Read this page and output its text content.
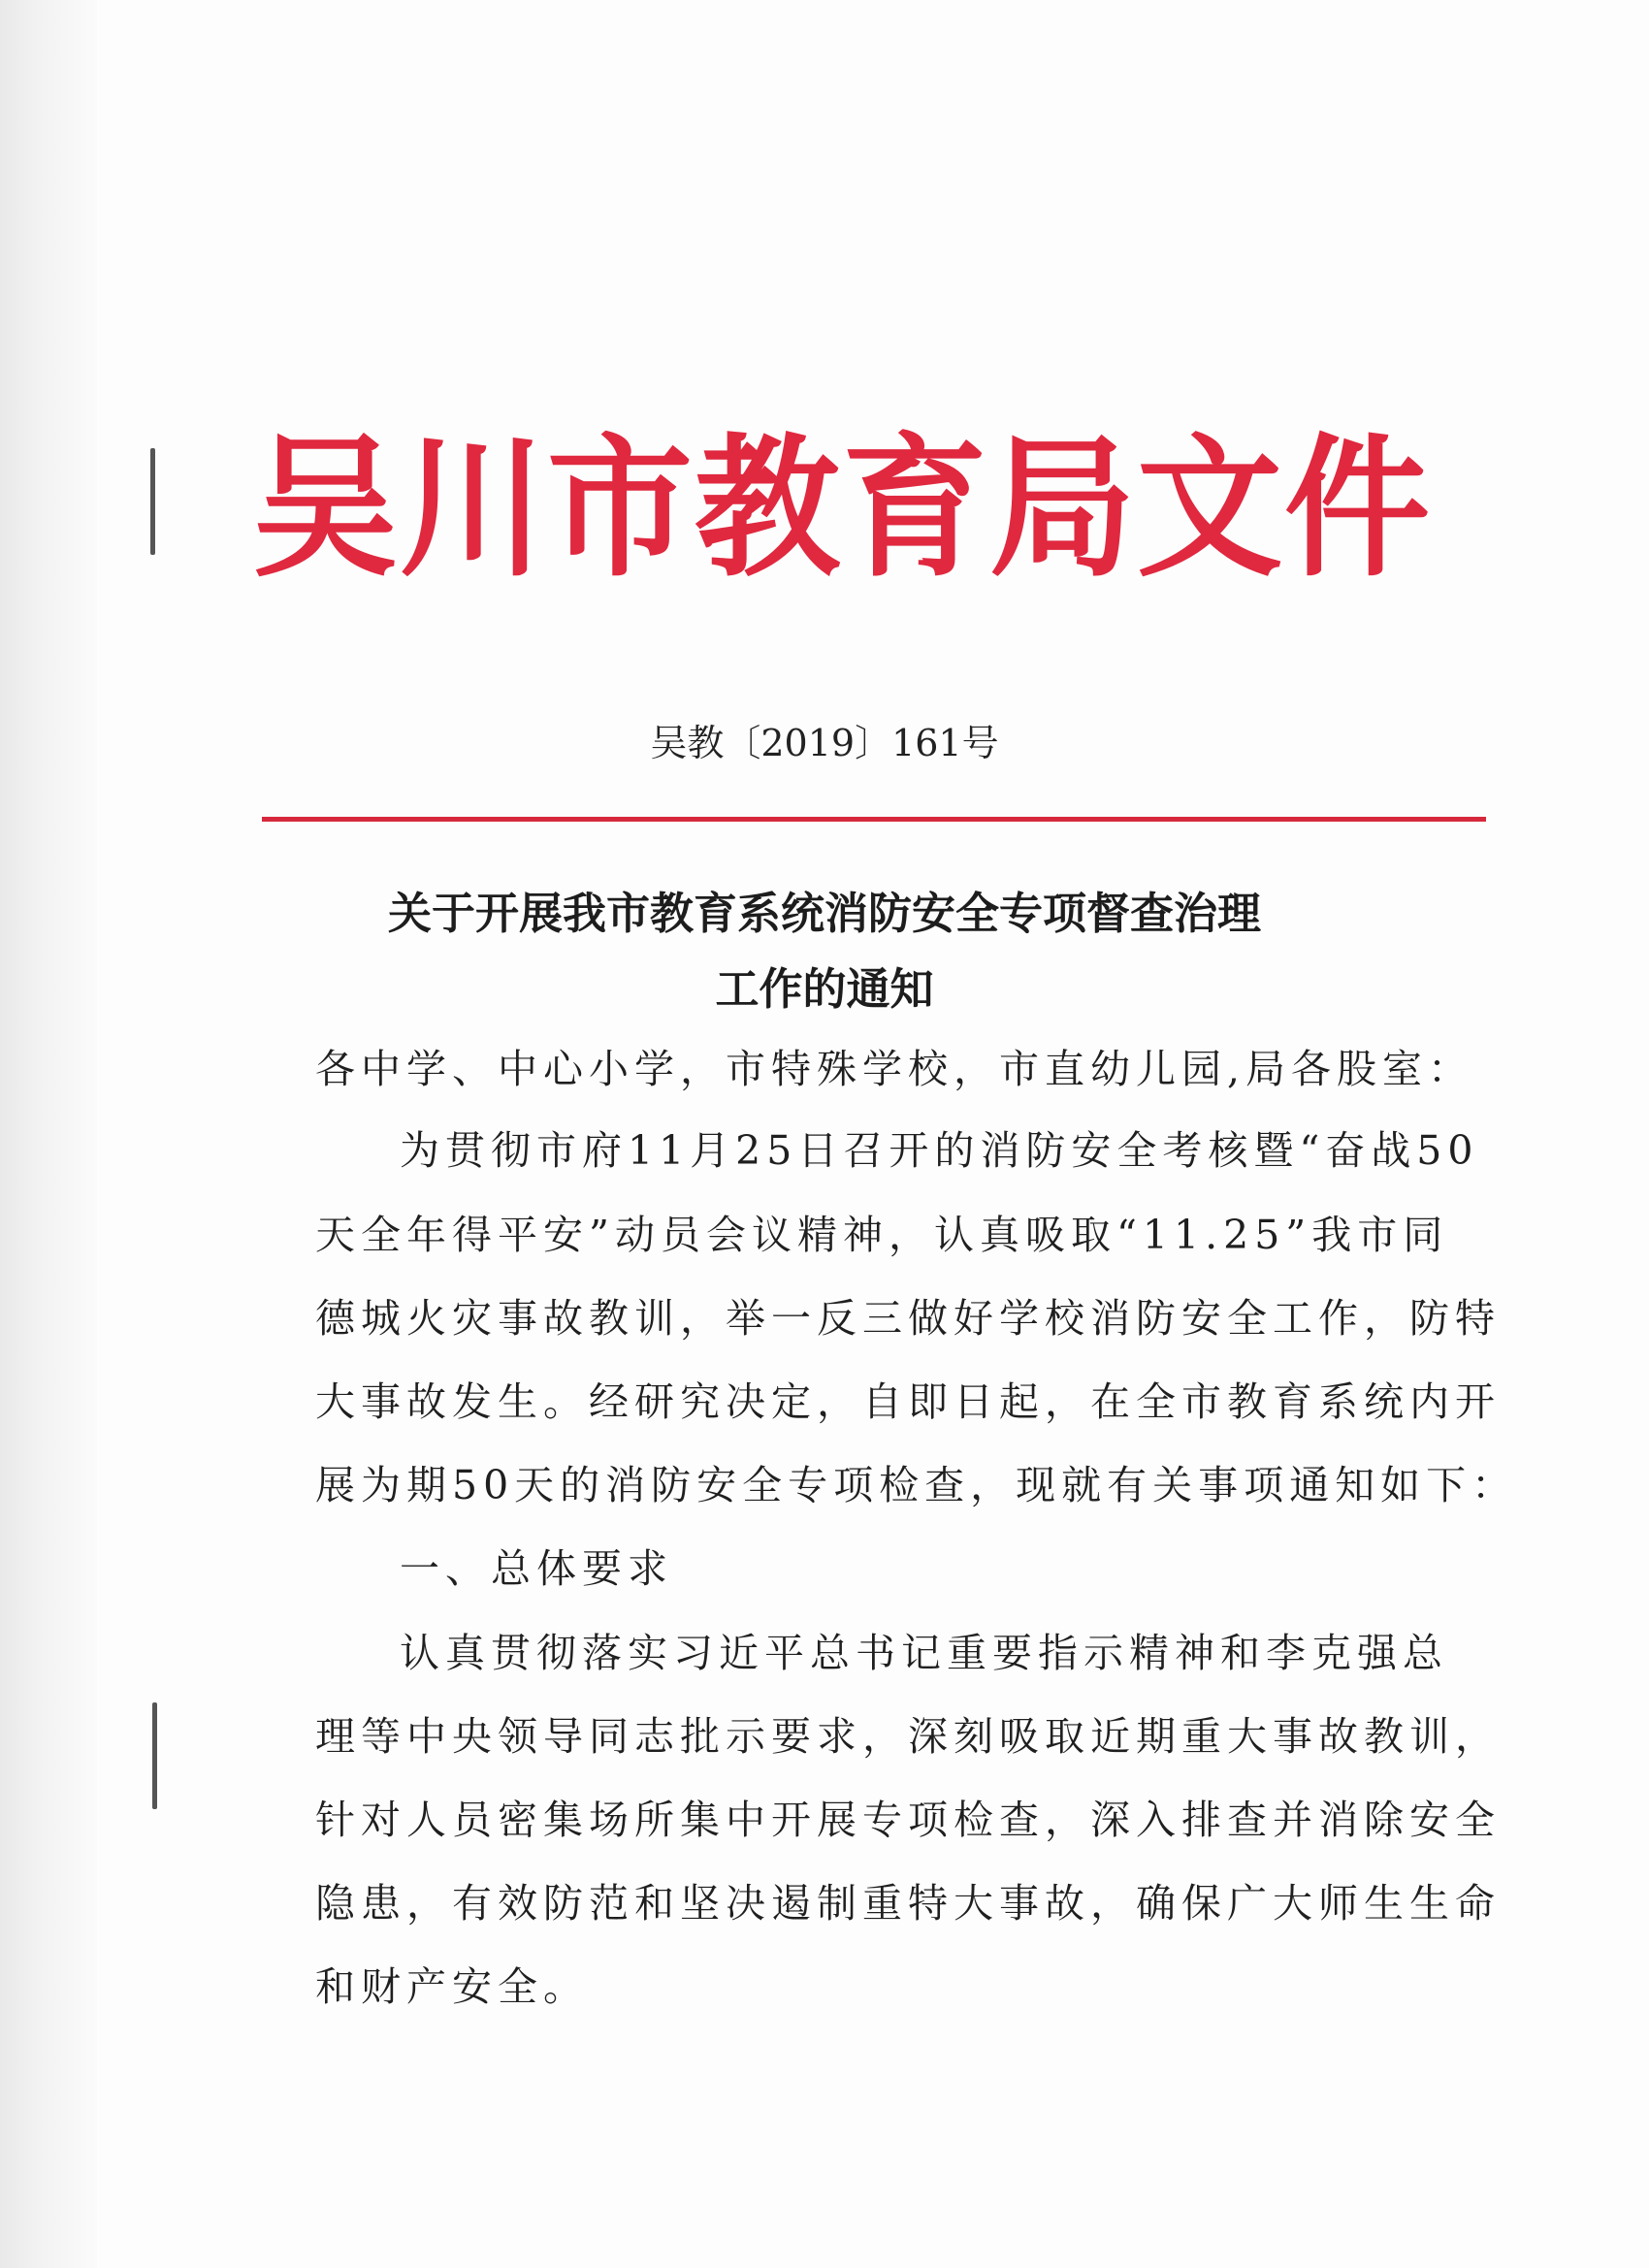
吴川市教育局文件
吴教〔2019〕161号
关于开展我市教育系统消防安全专项督查治理
工作的通知
各中学、中心小学，市特殊学校，市直幼儿园,局各股室：
为贯彻市府11月25日召开的消防安全考核暨“奋战50
天全年得平安”动员会议精神，认真吸取“11.25”我市同
德城火灾事故教训，举一反三做好学校消防安全工作，防特
大事故发生。经研究决定，自即日起，在全市教育系统内开
展为期50天的消防安全专项检查，现就有关事项通知如下：
一、总体要求
认真贯彻落实习近平总书记重要指示精神和李克强总
理等中央领导同志批示要求，深刻吸取近期重大事故教训，
针对人员密集场所集中开展专项检查，深入排查并消除安全
隐患，有效防范和坚决遏制重特大事故，确保广大师生生命
和财产安全。
